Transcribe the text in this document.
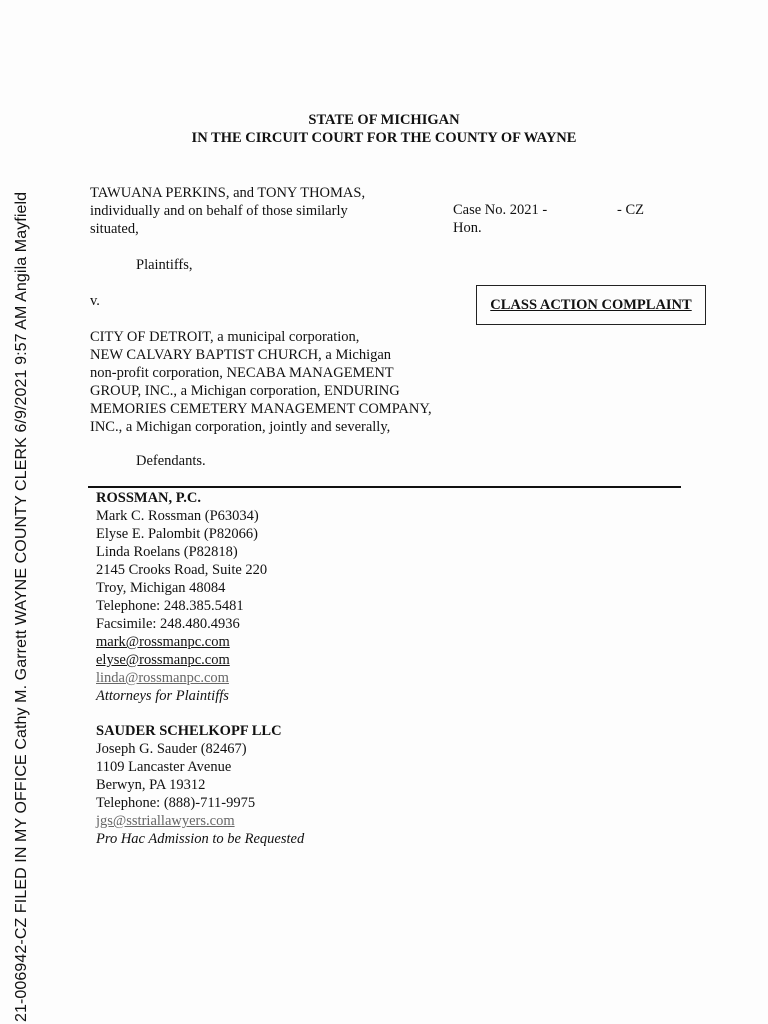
21-006942-CZ FILED IN MY OFFICE Cathy M. Garrett WAYNE COUNTY CLERK 6/9/2021 9:57 AM Angila Mayfield
STATE OF MICHIGAN
IN THE CIRCUIT COURT FOR THE COUNTY OF WAYNE
TAWUANA PERKINS, and TONY THOMAS,
individually and on behalf of those similarly
situated,
Case No. 2021 -	- CZ
Hon.
Plaintiffs,
v.	CLASS ACTION COMPLAINT
CITY OF DETROIT, a municipal corporation,
NEW CALVARY BAPTIST CHURCH, a Michigan
non-profit corporation, NECABA MANAGEMENT
GROUP, INC., a Michigan corporation, ENDURING
MEMORIES CEMETERY MANAGEMENT COMPANY,
INC., a Michigan corporation, jointly and severally,
Defendants.
ROSSMAN, P.C.
Mark C. Rossman (P63034)
Elyse E. Palombit (P82066)
Linda Roelans (P82818)
2145 Crooks Road, Suite 220
Troy, Michigan 48084
Telephone: 248.385.5481
Facsimile: 248.480.4936
mark@rossmanpc.com
elyse@rossmanpc.com
linda@rossmanpc.com
Attorneys for Plaintiffs
SAUDER SCHELKOPF LLC
Joseph G. Sauder (82467)
1109 Lancaster Avenue
Berwyn, PA 19312
Telephone: (888)-711-9975
jgs@sstriallawyers.com
Pro Hac Admission to be Requested
